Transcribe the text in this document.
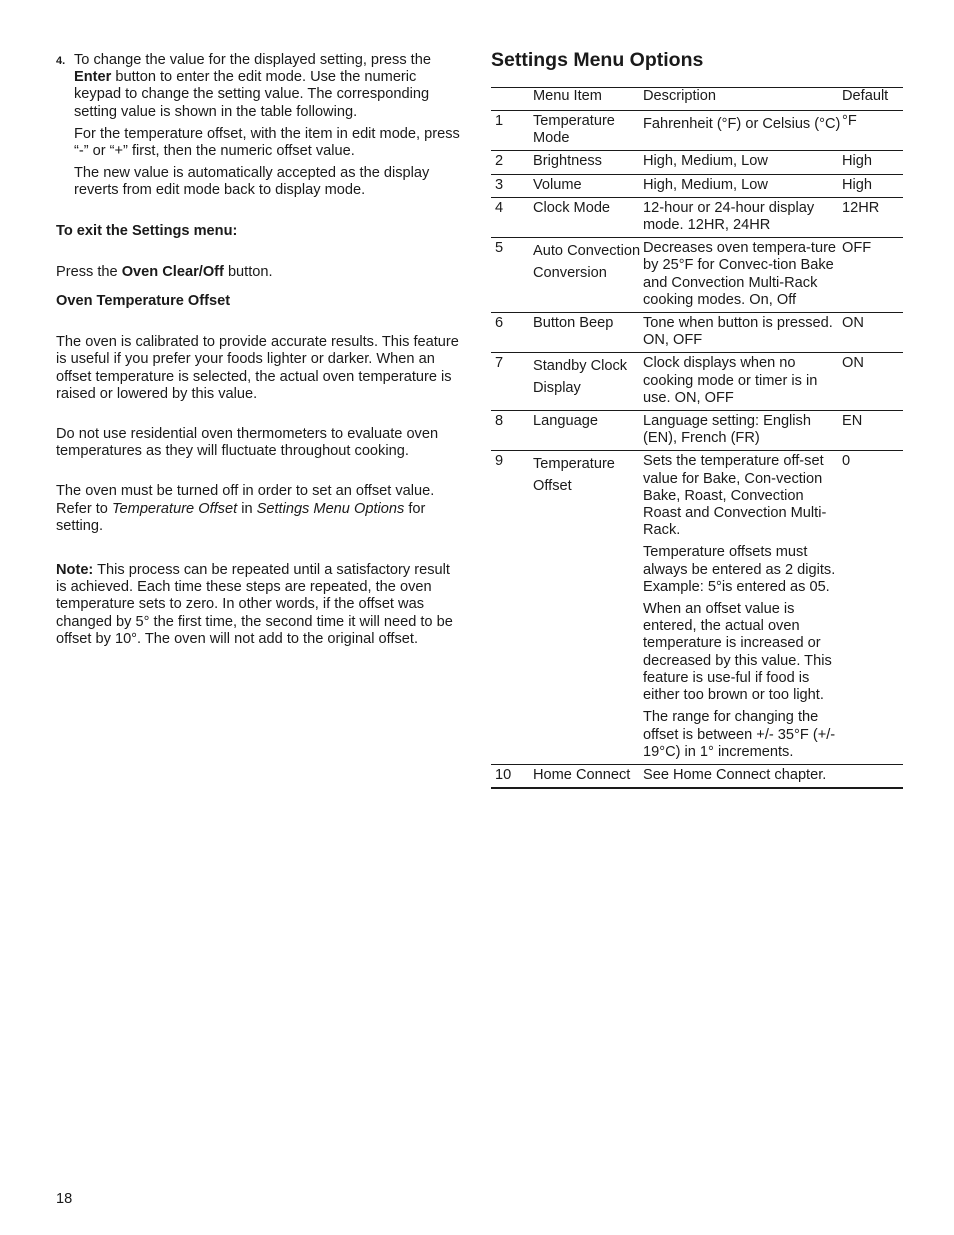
4. To change the value for the displayed setting, press the Enter button to enter the edit mode. Use the numeric keypad to change the setting value. The corresponding setting value is shown in the table following.

For the temperature offset, with the item in edit mode, press “-” or “+” first, then the numeric offset value.

The new value is automatically accepted as the display reverts from edit mode back to display mode.

To exit the Settings menu:

Press the Oven Clear/Off button.

Oven Temperature Offset

The oven is calibrated to provide accurate results. This feature is useful if you prefer your foods lighter or darker. When an offset temperature is selected, the actual oven temperature is raised or lowered by this value.

Do not use residential oven thermometers to evaluate oven temperatures as they will fluctuate throughout cooking.

The oven must be turned off in order to set an offset value. Refer to Temperature Offset in Settings Menu Options for setting.

Note: This process can be repeated until a satisfactory result is achieved. Each time these steps are repeated, the oven temperature sets to zero. In other words, if the offset was changed by 5° the first time, the second time it will need to be offset by 10°. The oven will not add to the original offset.

Settings Menu Options
	Menu Item	Description	Default
1	Temperature Mode	Fahrenheit (°F) or Celsius (°C)	°F
2	Brightness	High, Medium, Low	High
3	Volume	High, Medium, Low	High
4	Clock Mode	12-hour or 24-hour display mode. 12HR, 24HR	12HR
5	Auto Convection Conversion	Decreases oven tempera-ture by 25°F for Convec-tion Bake and Convection Multi-Rack cooking modes. On, Off	OFF
6	Button Beep	Tone when button is pressed. ON, OFF	ON
7	Standby Clock Display	Clock displays when no cooking mode or timer is in use. ON, OFF	ON
8	Language	Language setting: English (EN), French (FR)	EN
9	Temperature Offset	Sets the temperature off-set value for Bake, Con-vection Bake, Roast, Convection Roast and Convection Multi-Rack.

Temperature offsets must always be entered as 2 digits. Example: 5°is entered as 05.

When an offset value is entered, the actual oven temperature is increased or decreased by this value. This feature is use-ful if food is either too brown or too light.

The range for changing the offset is between +/- 35°F (+/- 19°C) in 1° increments.	0
10	Home Connect	See Home Connect chapter.	

18
